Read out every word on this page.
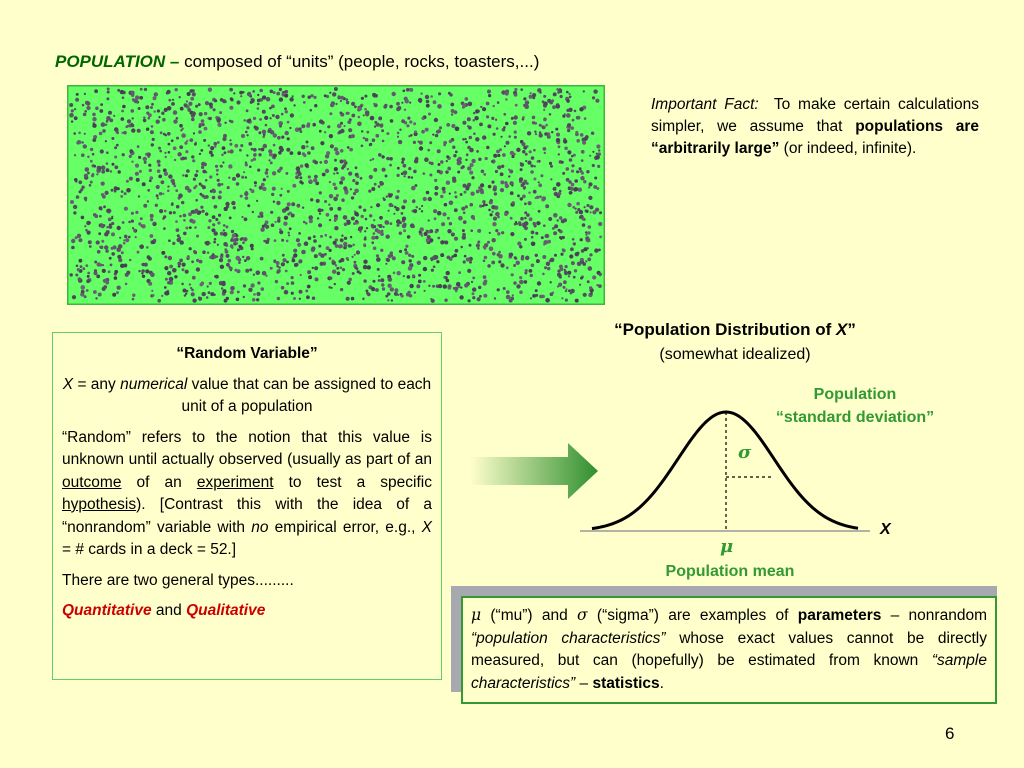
POPULATION – composed of “units” (people, rocks, toasters,...)
Important Fact: To make certain calculations simpler, we assume that populations are “arbitrarily large” (or indeed, infinite).

“Random Variable”

X = any numerical value that can be assigned to each unit of a population

“Random” refers to the notion that this value is unknown until actually observed (usually as part of an outcome of an experiment to test a specific hypothesis). [Contrast this with the idea of a “nonrandom” variable with no empirical error, e.g., X = # cards in a deck = 52.]

There are two general types.........

Quantitative and Qualitative

“Population Distribution of X”
(somewhat idealized)
Population
“standard deviation”
σ
μ
X
Population mean
μ (“mu”) and σ (“sigma”) are examples of parameters – nonrandom “population characteristics” whose exact values cannot be directly measured, but can (hopefully) be estimated from known “sample characteristics” – statistics.
6
